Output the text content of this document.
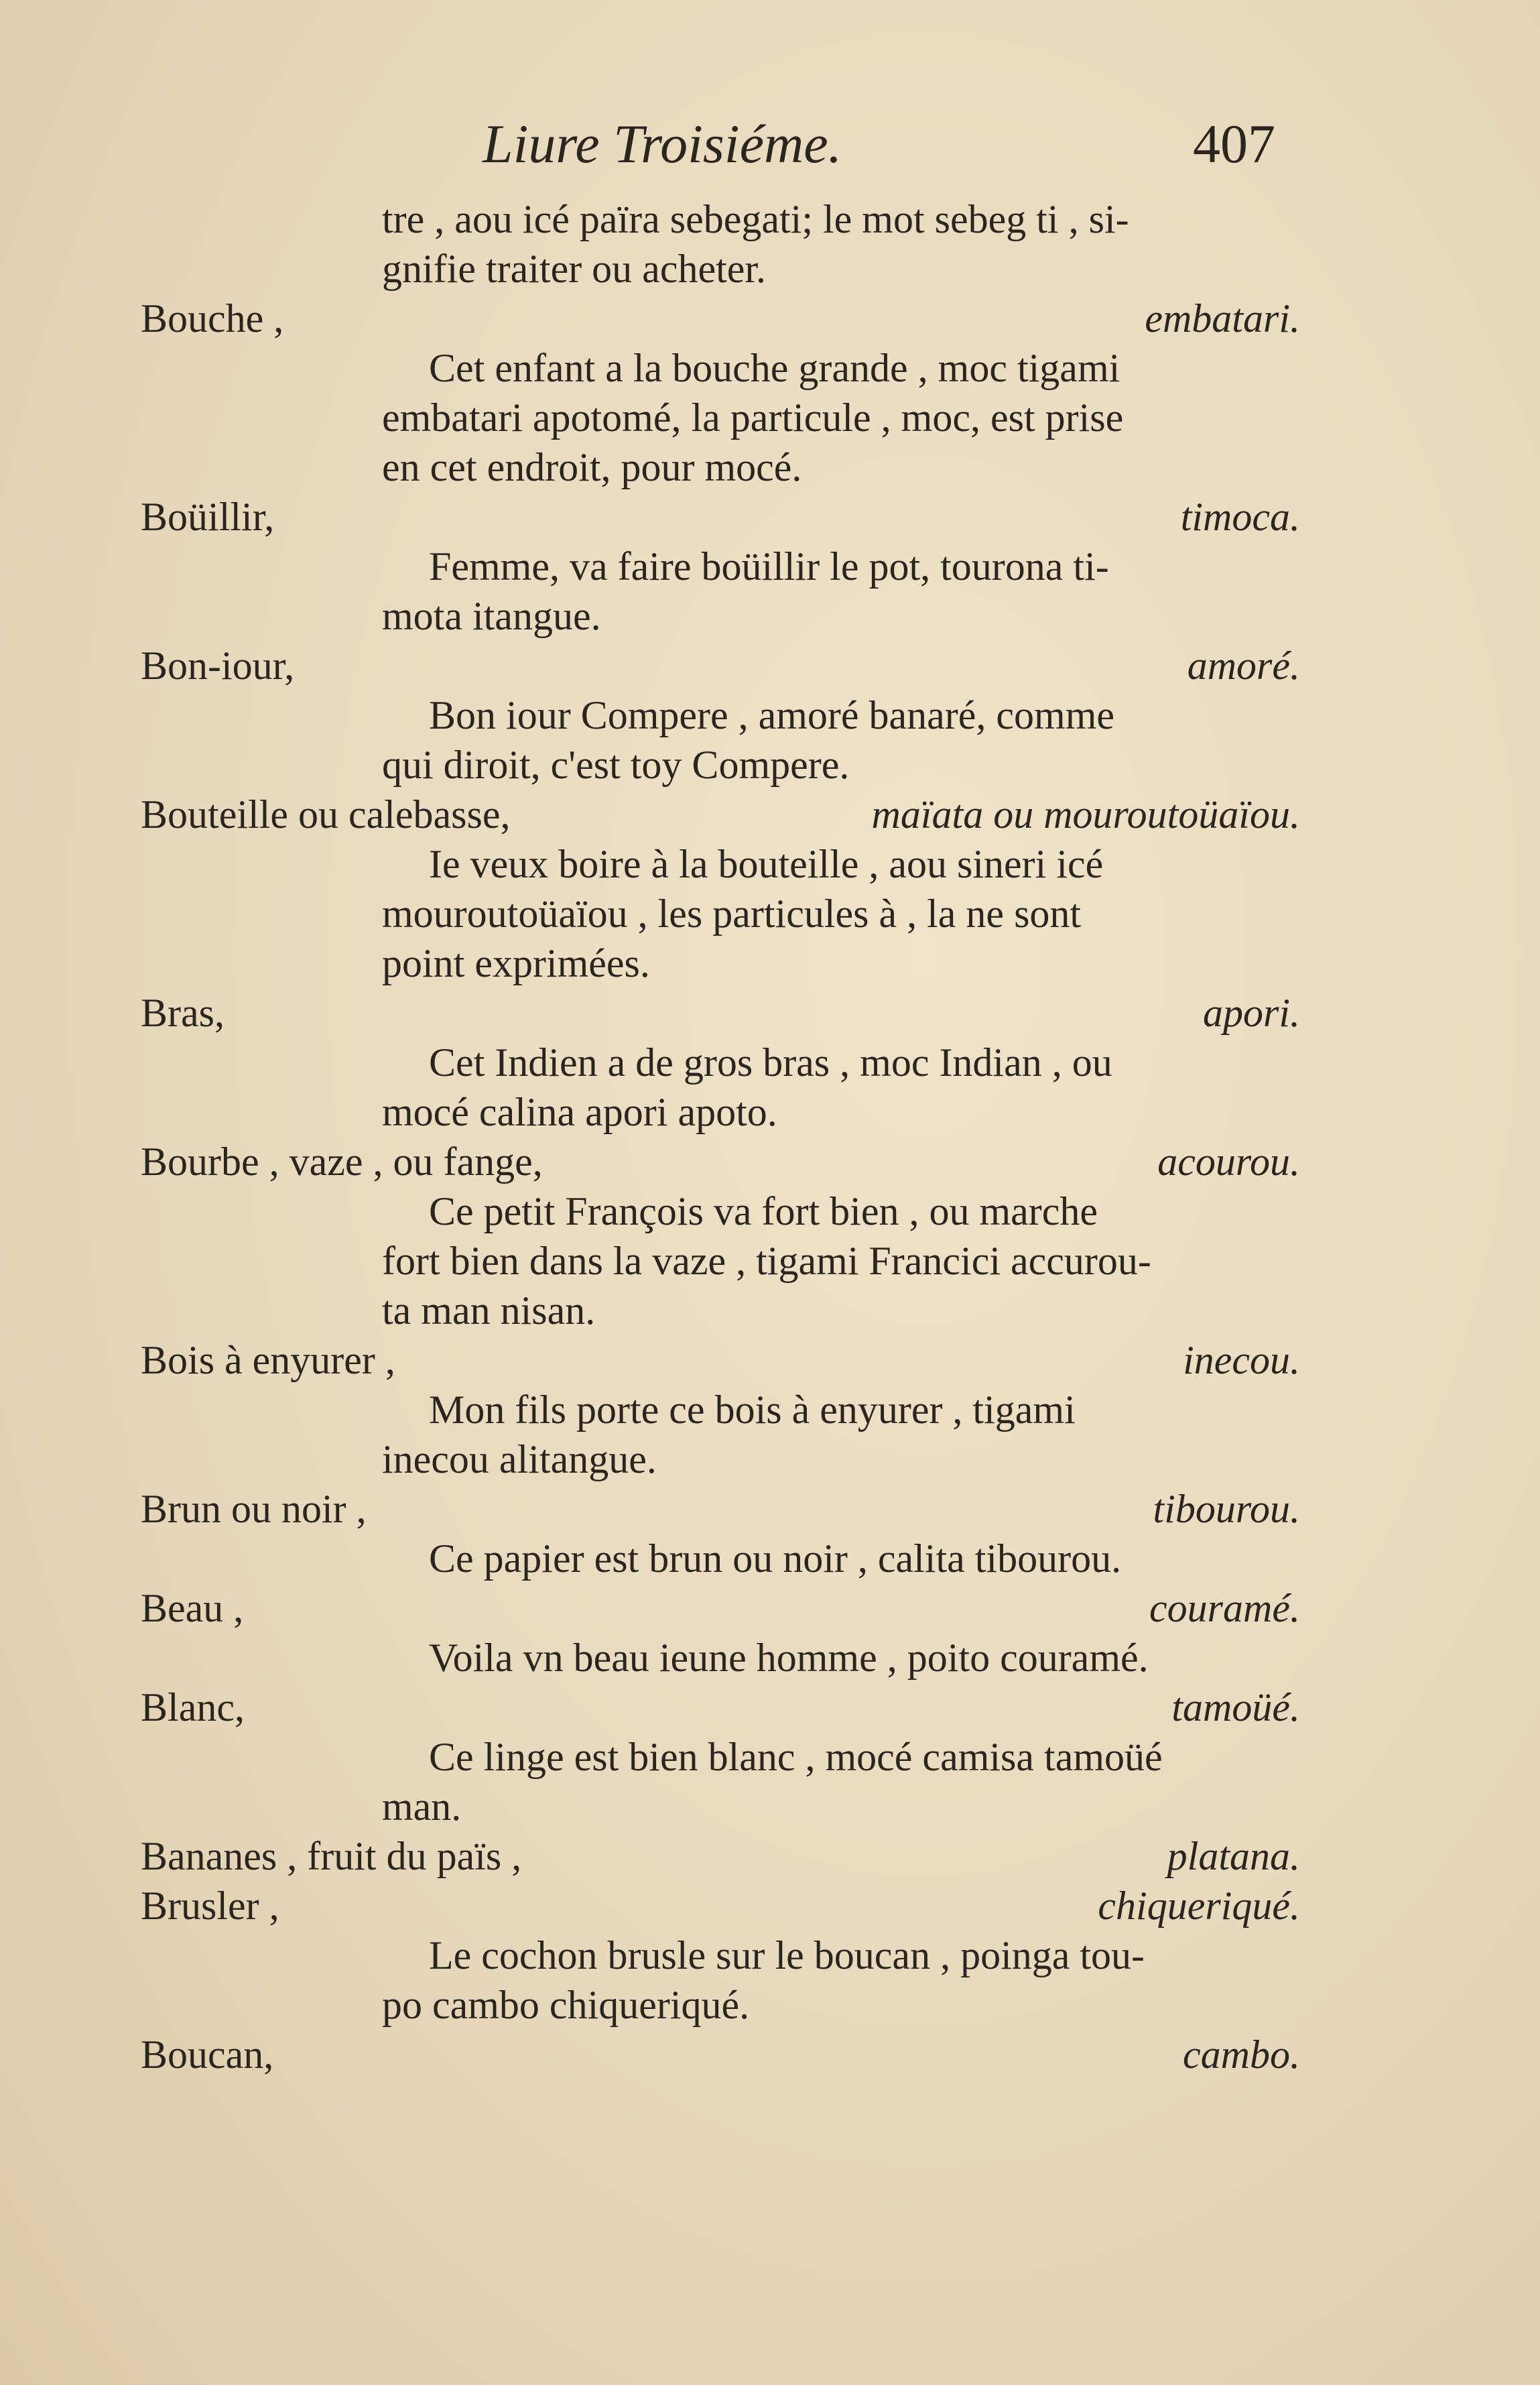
Liure Troisiéme.	407
tre , aou icé païra sebegati; le mot sebeg ti , si-
gnifie traiter ou acheter.
Bouche ,	embatari.
Cet enfant a la bouche grande , moc tigami
embatari apotomé, la particule , moc, est prise
en cet endroit, pour mocé.
Boüillir,	timoca.
Femme, va faire boüillir le pot, tourona ti-
mota itangue.
Bon-iour,	amoré.
Bon iour Compere , amoré banaré, comme
qui diroit, c'est toy Compere.
Bouteille ou calebasse,	maïata ou mouroutoüaïou.
Ie veux boire à la bouteille , aou sineri icé
mouroutoüaïou , les particules à , la ne sont
point exprimées.
Bras,	apori.
Cet Indien a de gros bras , moc Indian , ou
mocé calina apori apoto.
Bourbe , vaze , ou fange,	acourou.
Ce petit François va fort bien , ou marche
fort bien dans la vaze , tigami Francici accurou-
ta man nisan.
Bois à enyurer ,	inecou.
Mon fils porte ce bois à enyurer , tigami
inecou alitangue.
Brun ou noir ,	tibourou.
Ce papier est brun ou noir , calita tibourou.
Beau ,	couramé.
Voila vn beau ieune homme , poito couramé.
Blanc,	tamoüé.
Ce linge est bien blanc , mocé camisa tamoüé
man.
Bananes , fruit du païs ,	platana.
Brusler ,	chiqueriqué.
Le cochon brusle sur le boucan , poinga tou-
po cambo chiqueriqué.
Boucan,	cambo.
